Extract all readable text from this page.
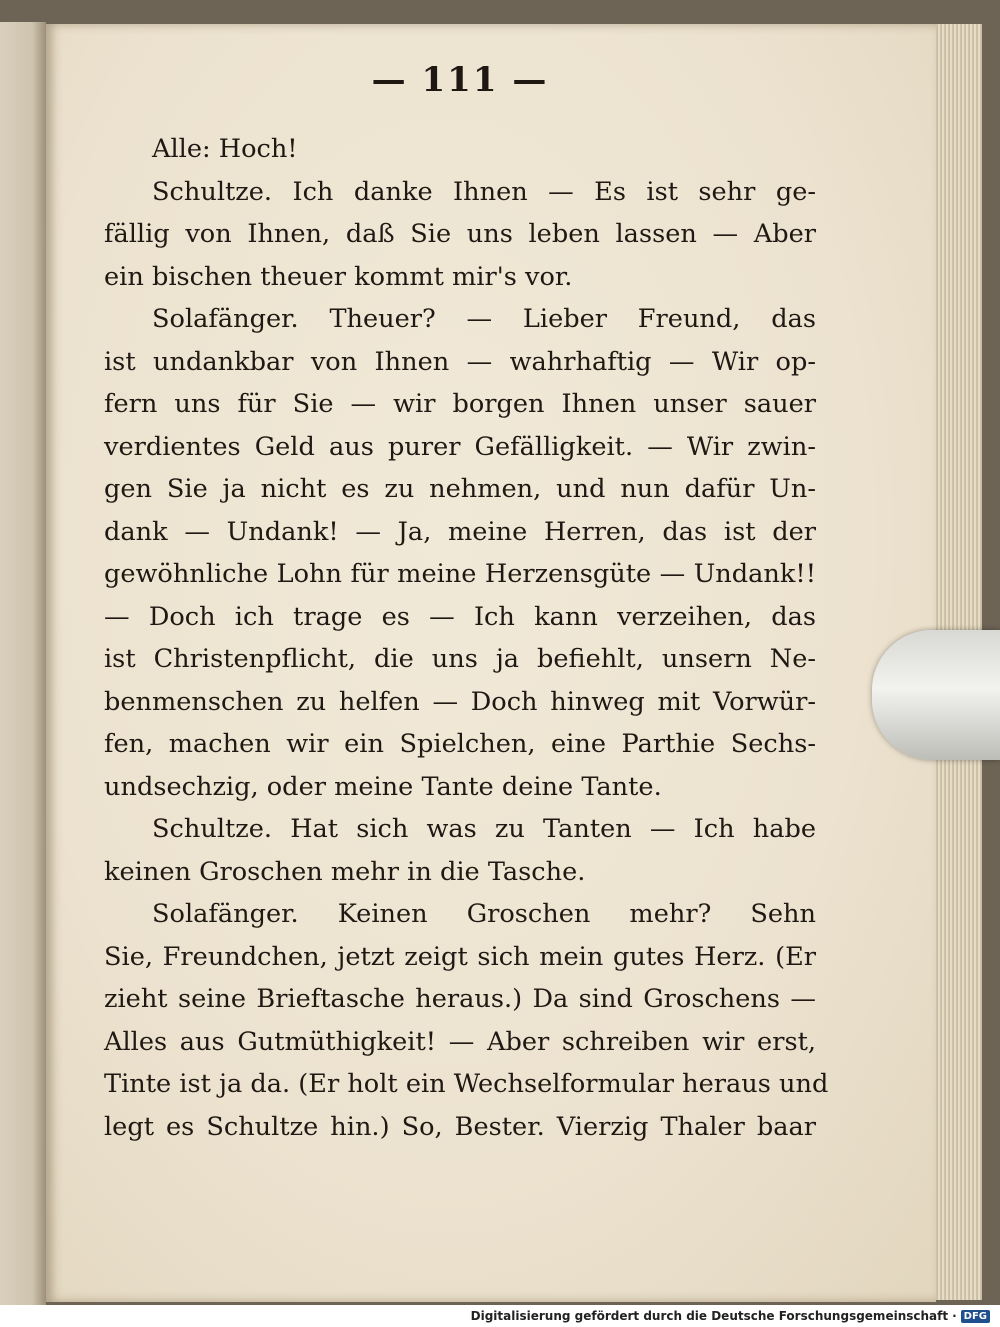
— 111 —
Alle: Hoch!
Schultze. Ich danke Ihnen — Es ist sehr ge-
fällig von Ihnen, daß Sie uns leben lassen — Aber
ein bischen theuer kommt mir's vor.
Solafänger. Theuer? — Lieber Freund, das
ist undankbar von Ihnen — wahrhaftig — Wir op-
fern uns für Sie — wir borgen Ihnen unser sauer
verdientes Geld aus purer Gefälligkeit. — Wir zwin-
gen Sie ja nicht es zu nehmen, und nun dafür Un-
dank — Undank! — Ja, meine Herren, das ist der
gewöhnliche Lohn für meine Herzensgüte — Undank!!
— Doch ich trage es — Ich kann verzeihen, das
ist Christenpflicht, die uns ja befiehlt, unsern Ne-
benmenschen zu helfen — Doch hinweg mit Vorwür-
fen, machen wir ein Spielchen, eine Parthie Sechs-
undsechzig, oder meine Tante deine Tante.
Schultze. Hat sich was zu Tanten — Ich habe
keinen Groschen mehr in die Tasche.
Solafänger. Keinen Groschen mehr? Sehn
Sie, Freundchen, jetzt zeigt sich mein gutes Herz. (Er
zieht seine Brieftasche heraus.) Da sind Groschens —
Alles aus Gutmüthigkeit! — Aber schreiben wir erst,
Tinte ist ja da. (Er holt ein Wechselformular heraus und
legt es Schultze hin.) So, Bester. Vierzig Thaler baar
Digitalisierung gefördert durch die Deutsche Forschungsgemeinschaft · DFG
